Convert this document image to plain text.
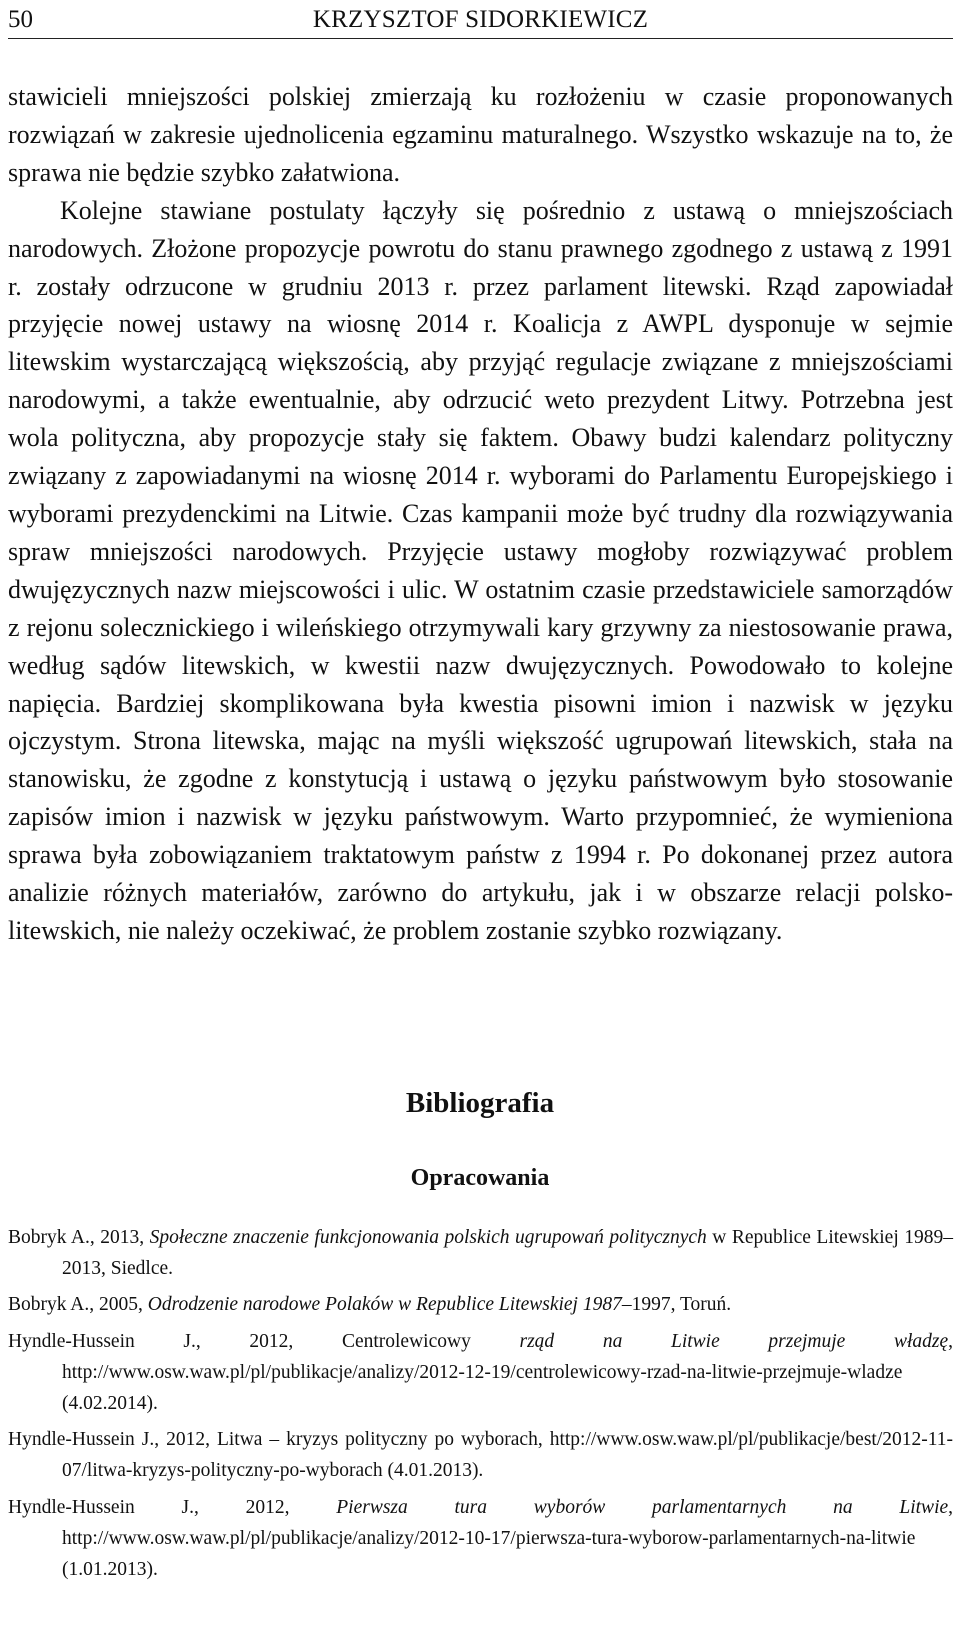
50	KRZYSZTOF SIDORKIEWICZ

stawicieli mniejszości polskiej zmierzają ku rozłożeniu w czasie proponowanych rozwiązań w zakresie ujednolicenia egzaminu maturalnego. Wszystko wskazuje na to, że sprawa nie będzie szybko załatwiona.

Kolejne stawiane postulaty łączyły się pośrednio z ustawą o mniejszościach narodowych. Złożone propozycje powrotu do stanu prawnego zgodnego z ustawą z 1991 r. zostały odrzucone w grudniu 2013 r. przez parlament litewski. Rząd zapowiadał przyjęcie nowej ustawy na wiosnę 2014 r. Koalicja z AWPL dysponuje w sejmie litewskim wystarczającą większością, aby przyjąć regulacje związane z mniejszościami narodowymi, a także ewentualnie, aby odrzucić weto prezydent Litwy. Potrzebna jest wola polityczna, aby propozycje stały się faktem. Obawy budzi kalendarz polityczny związany z zapowiadanymi na wiosnę 2014 r. wyborami do Parlamentu Europejskiego i wyborami prezydenckimi na Litwie. Czas kampanii może być trudny dla rozwiązywania spraw mniejszości narodowych. Przyjęcie ustawy mogłoby rozwiązywać problem dwujęzycznych nazw miejscowości i ulic. W ostatnim czasie przedstawiciele samorządów z rejonu solecznickiego i wileńskiego otrzymywali kary grzywny za niestosowanie prawa, według sądów litewskich, w kwestii nazw dwujęzycznych. Powodowało to kolejne napięcia. Bardziej skomplikowana była kwestia pisowni imion i nazwisk w języku ojczystym. Strona litewska, mając na myśli większość ugrupowań litewskich, stała na stanowisku, że zgodne z konstytucją i ustawą o języku państwowym było stosowanie zapisów imion i nazwisk w języku państwowym. Warto przypomnieć, że wymieniona sprawa była zobowiązaniem traktatowym państw z 1994 r. Po dokonanej przez autora analizie różnych materiałów, zarówno do artykułu, jak i w obszarze relacji polsko-litewskich, nie należy oczekiwać, że problem zostanie szybko rozwiązany.

Bibliografia
Opracowania
Bobryk A., 2013, Społeczne znaczenie funkcjonowania polskich ugrupowań politycznych w Republice Litewskiej 1989–2013, Siedlce.
Bobryk A., 2005, Odrodzenie narodowe Polaków w Republice Litewskiej 1987–1997, Toruń.
Hyndle-Hussein J., 2012, Centrolewicowy rząd na Litwie przejmuje władzę, http://www.osw.waw.pl/pl/publikacje/analizy/2012-12-19/centrolewicowy-rzad-na-litwie-przejmuje-wladze (4.02.2014).
Hyndle-Hussein J., 2012, Litwa – kryzys polityczny po wyborach, http://www.osw.waw.pl/pl/publikacje/best/2012-11-07/litwa-kryzys-polityczny-po-wyborach (4.01.2013).
Hyndle-Hussein J., 2012, Pierwsza tura wyborów parlamentarnych na Litwie, http://www.osw.waw.pl/pl/publikacje/analizy/2012-10-17/pierwsza-tura-wyborow-parlamentarnych-na-litwie (1.01.2013).
